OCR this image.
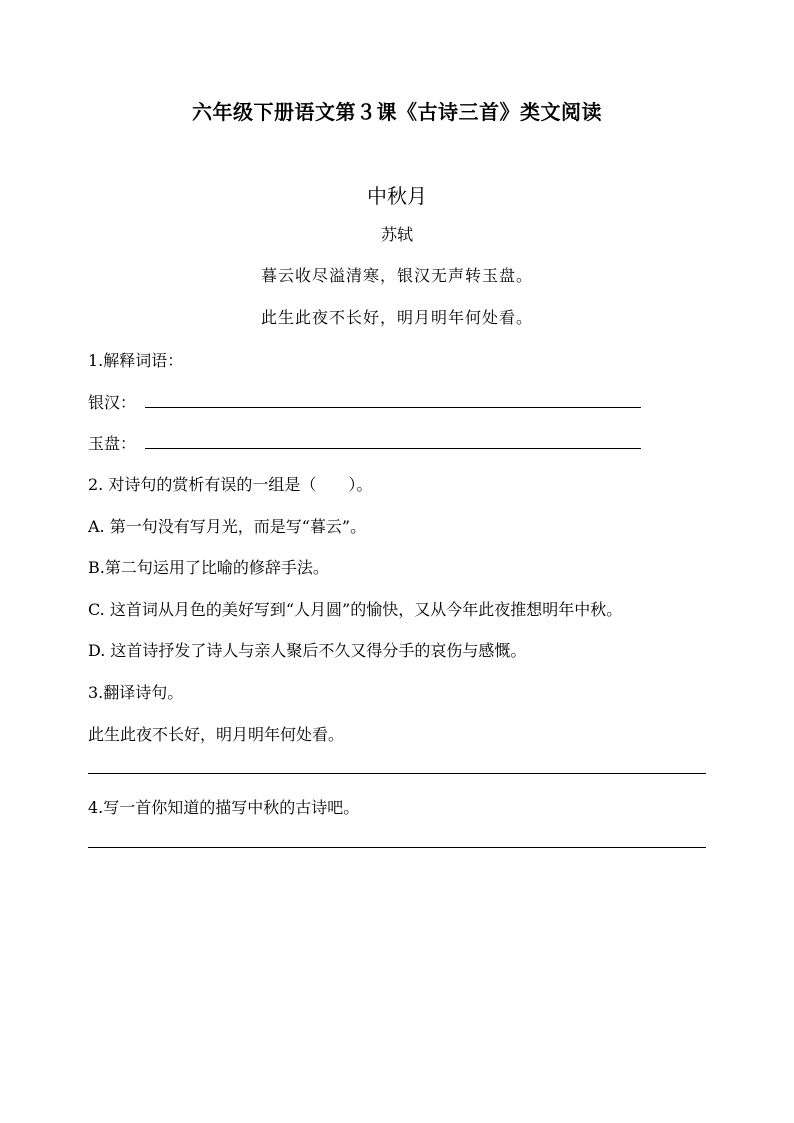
六年级下册语文第３课《古诗三首》类文阅读
中秋月
苏轼
暮云收尽溢清寒，银汉无声转玉盘。
此生此夜不长好，明月明年何处看。
1.解释词语：
银汉：
玉盘：
2. 对诗句的赏析有误的一组是（　　）。
A. 第一句没有写月光，而是写“暮云”。
B.第二句运用了比喻的修辞手法。
C. 这首词从月色的美好写到“人月圆”的愉快，又从今年此夜推想明年中秋。
D. 这首诗抒发了诗人与亲人聚后不久又得分手的哀伤与感慨。
3.翻译诗句。
此生此夜不长好，明月明年何处看。
4.写一首你知道的描写中秋的古诗吧。
